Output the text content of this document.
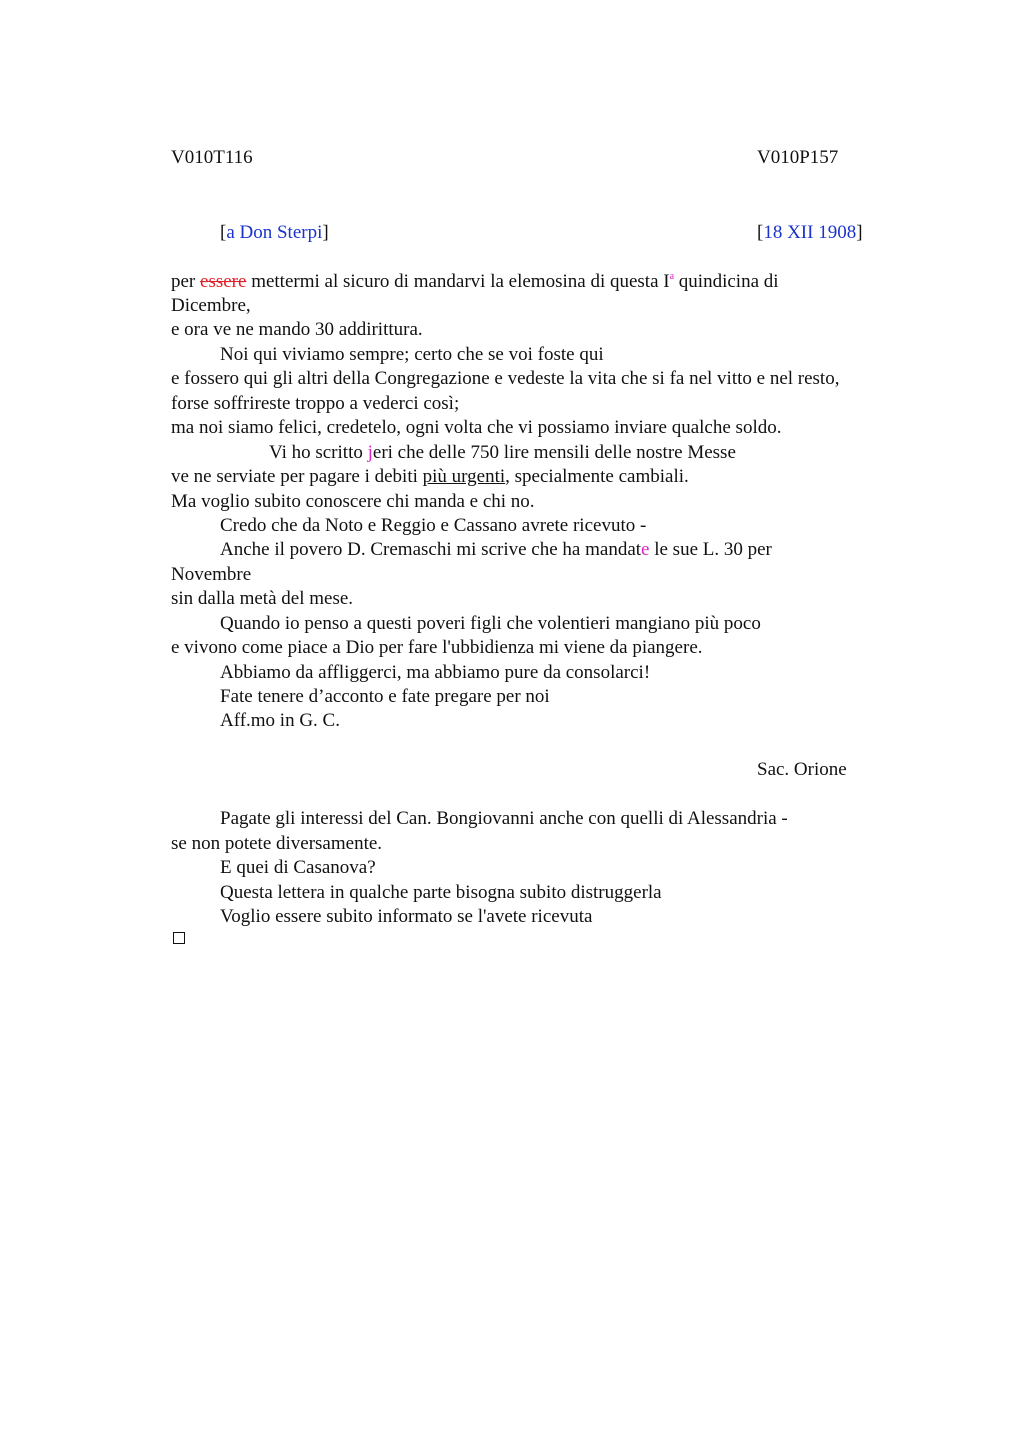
V010T116	V010P157
[a Don Sterpi]	[18 XII 1908]
per essere mettermi al sicuro di mandarvi la elemosina di questa $I^a$ quindicina di
Dicembre,
e ora ve ne mando 30 addirittura.
Noi qui viviamo sempre; certo che se voi foste qui
e fossero qui gli altri della Congregazione e vedeste la vita che si fa nel vitto e nel resto,
forse soffrireste troppo a vederci così;
ma noi siamo felici, credetelo, ogni volta che vi possiamo inviare qualche soldo.
Vi ho scritto jeri che delle 750 lire mensili delle nostre Messe
ve ne serviate per pagare i debiti più urgenti, specialmente cambiali.
Ma voglio subito conoscere chi manda e chi no.
Credo che da Noto e Reggio e Cassano avrete ricevuto -
Anche il povero D. Cremaschi mi scrive che ha mandate le sue L. 30 per
Novembre
sin dalla metà del mese.
Quando io penso a questi poveri figli che volentieri mangiano più poco
e vivono come piace a Dio per fare l'ubbidienza mi viene da piangere.
Abbiamo da affliggerci, ma abbiamo pure da consolarci!
Fate tenere d’acconto e fate pregare per noi
Aff.mo in G. C.
Sac. Orione
Pagate gli interessi del Can. Bongiovanni anche con quelli di Alessandria -
se non potete diversamente.
E quei di Casanova?
Questa lettera in qualche parte bisogna subito distruggerla
Voglio essere subito informato se l'avete ricevuta
